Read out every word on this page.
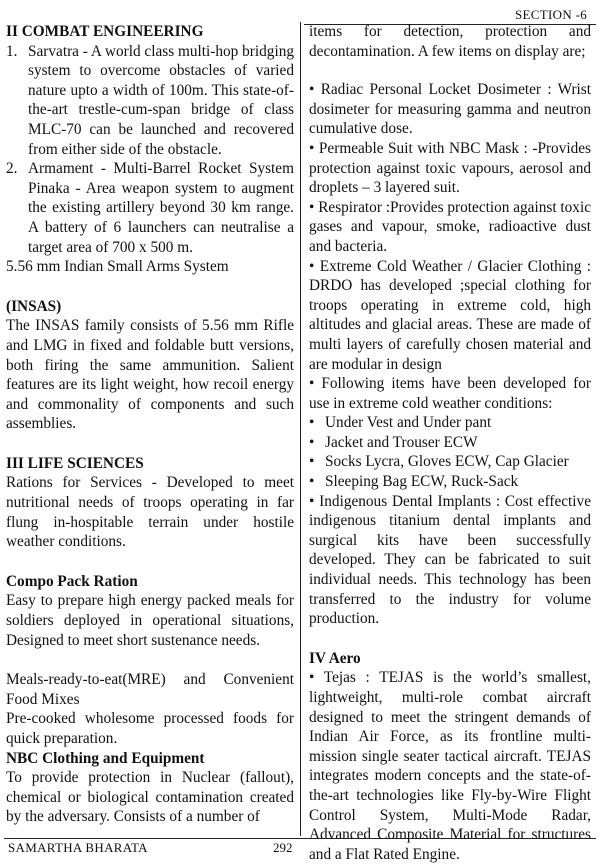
SECTION -6

II COMBAT ENGINEERING

1. Sarvatra - A world class multi-hop bridging system to overcome obstacles of varied nature upto a width of 100m. This state-of-the-art trestle-cum-span bridge of class MLC-70 can be launched and recovered from either side of the obstacle.
2. Armament - Multi-Barrel Rocket System Pinaka - Area weapon system to augment the existing artillery beyond 30 km range. A battery of 6 launchers can neutralise a target area of 700 x 500 m.

5.56 mm Indian Small Arms System

(INSAS)

The INSAS family consists of 5.56 mm Rifle and LMG in fixed and foldable butt versions, both firing the same ammunition. Salient features are its light weight, how recoil energy and commonality of components and such assemblies.

III LIFE SCIENCES

Rations for Services - Developed to meet nutritional needs of troops operating in far flung in-hospitable terrain under hostile weather conditions.

Compo Pack Ration

Easy to prepare high energy packed meals for soldiers deployed in operational situations, Designed to meet short sustenance needs.

Meals-ready-to-eat(MRE) and Convenient Food Mixes

Pre-cooked wholesome processed foods for quick preparation.

NBC Clothing and Equipment

To provide protection in Nuclear (fallout), chemical or biological contamination created by the adversary. Consists of a number of

items for detection, protection and decontamination. A few items on display are;

• Radiac Personal Locket Dosimeter : Wrist dosimeter for measuring gamma and neutron cumulative dose.

• Permeable Suit with NBC Mask : -Provides protection against toxic vapours, aerosol and droplets – 3 layered suit.

• Respirator :Provides protection against toxic gases and vapour, smoke, radioactive dust and bacteria.

• Extreme Cold Weather / Glacier Clothing : DRDO has developed ;special clothing for troops operating in extreme cold, high altitudes and glacial areas. These are made of multi layers of carefully chosen material and are modular in design

• Following items have been developed for use in extreme cold weather conditions:

• Under Vest and Under pant
• Jacket and Trouser ECW
• Socks Lycra, Gloves ECW, Cap Glacier
• Sleeping Bag ECW, Ruck-Sack

• Indigenous Dental Implants : Cost effective indigenous titanium dental implants and surgical kits have been successfully developed. They can be fabricated to suit individual needs. This technology has been transferred to the industry for volume production.

IV Aero

• Tejas : TEJAS is the world’s smallest, lightweight, multi-role combat aircraft designed to meet the stringent demands of Indian Air Force, as its frontline multi-mission single seater tactical aircraft. TEJAS integrates modern concepts and the state-of-the-art technologies like Fly-by-Wire Flight Control System, Multi-Mode Radar, Advanced Composite Material for structures and a Flat Rated Engine.

SAMARTHA BHARATA	292
